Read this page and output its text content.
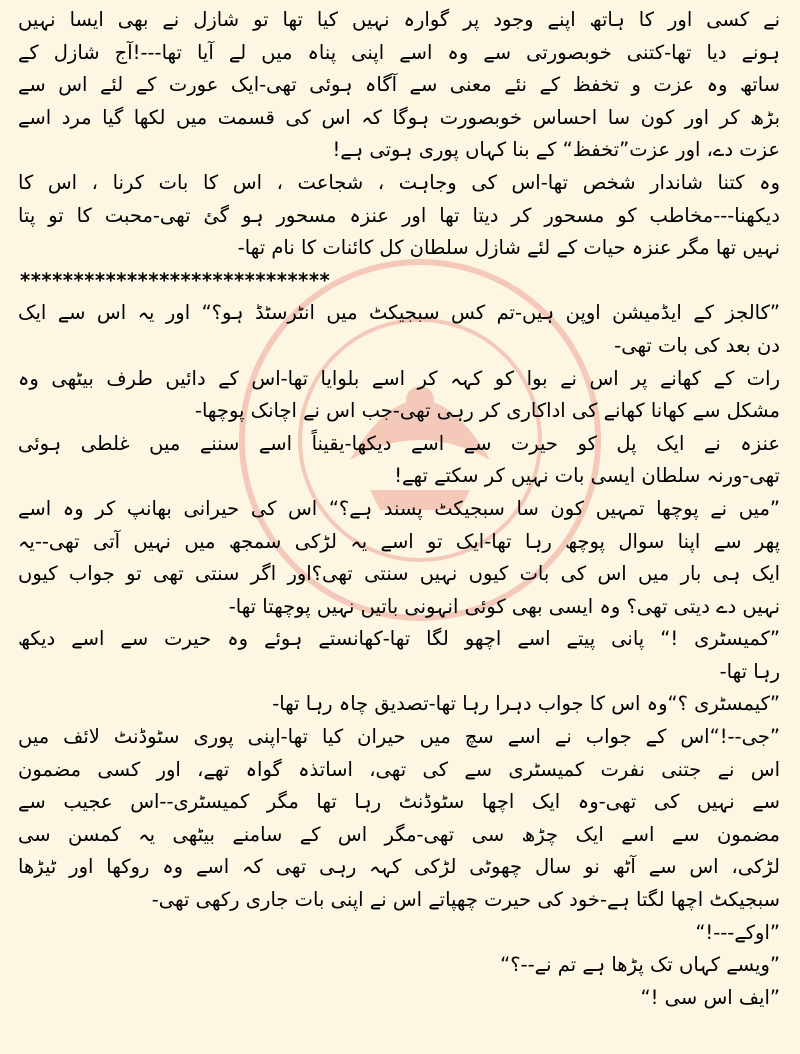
نے کسی اور کا ہاتھ اپنے وجود پر گوارہ نہیں کیا تھا تو شازل نے بھی ایسا نہیں
ہونے دیا تھا-کتنی خوبصورتی سے وہ اسے اپنی پناہ میں لے آیا تھا---!آج شازل کے
ساتھ وہ عزت و تخفظ کے نئے معنی سے آگاہ ہوئی تھی-ایک عورت کے لئے اس سے
بڑھ کر اور کون سا احساس خوبصورت ہوگا کہ اس کی قسمت میں لکھا گیا مرد اسے
عزت دے، اور عزت”تخفظ“ کے بنا کہاں پوری ہوتی ہے!
وہ کتنا شاندار شخص تھا-اس کی وجاہت ، شجاعت ، اس کا بات کرنا ، اس کا
دیکھنا---مخاطب کو مسحور کر دیتا تھا اور عنزہ مسحور ہو گئ تھی-محبت کا تو پتا
نہیں تھا مگر عنزہ حیات کے لئے شازل سلطان کل کائنات کا نام تھا-
*****************************
”کالجز کے ایڈمیشن اوپن ہیں-تم کس سبجیکٹ میں انٹرسٹڈ ہو؟“ اور یہ اس سے ایک
دن بعد کی بات تھی-
رات کے کھانے پر اس نے بوا کو کہہ کر اسے بلوایا تھا-اس کے دائیں طرف بیٹھی وہ
مشکل سے کھانا کھانے کی اداکاری کر رہی تھی-جب اس نے اچانک پوچھا-
عنزہ نے ایک پل کو حیرت سے اسے دیکھا-یقیناً اسے سننے میں غلطی ہوئی
تھی-ورنہ سلطان ایسی بات نہیں کر سکتے تھے!
”میں نے پوچھا تمہیں کون سا سبجیکٹ پسند ہے؟“ اس کی حیرانی بھانپ کر وہ اسے
پھر سے اپنا سوال پوچھ رہا تھا-ایک تو اسے یہ لڑکی سمجھ میں نہیں آتی تھی--یہ
ایک ہی بار میں اس کی بات کیوں نہیں سنتی تھی؟اور اگر سنتی تھی تو جواب کیوں
نہیں دے دیتی تھی؟ وہ ایسی بھی کوئی انہونی باتیں نہیں پوچھتا تھا-
”کمیسٹری !“ پانی پیتے اسے اچھو لگا تھا-کھانستے ہوئے وہ حیرت سے اسے دیکھ
رہا تھا-
”کیمسٹری ؟“وہ اس کا جواب دہرا رہا تھا-تصدیق چاہ رہا تھا-
”جی--!“اس کے جواب نے اسے سچ میں حیران کیا تھا-اپنی پوری سٹوڈنٹ لائف میں
اس نے جتنی نفرت کمیسٹری سے کی تھی، اساتذہ گواہ تھے، اور کسی مضمون
سے نہیں کی تھی-وہ ایک اچھا سٹوڈنٹ رہا تھا مگر کمیسٹری--اس عجیب سے
مضمون سے اسے ایک چڑھ سی تھی-مگر اس کے سامنے بیٹھی یہ کمسن سی
لڑکی، اس سے آٹھ نو سال چھوٹی لڑکی کہہ رہی تھی کہ اسے وہ روکھا اور ٹیڑھا
سبجیکٹ اچھا لگتا ہے-خود کی حیرت چھپاتے اس نے اپنی بات جاری رکھی تھی-
”اوکے---!“
”ویسے کہاں تک پڑھا ہے تم نے--؟“
”ایف اس سی !“
